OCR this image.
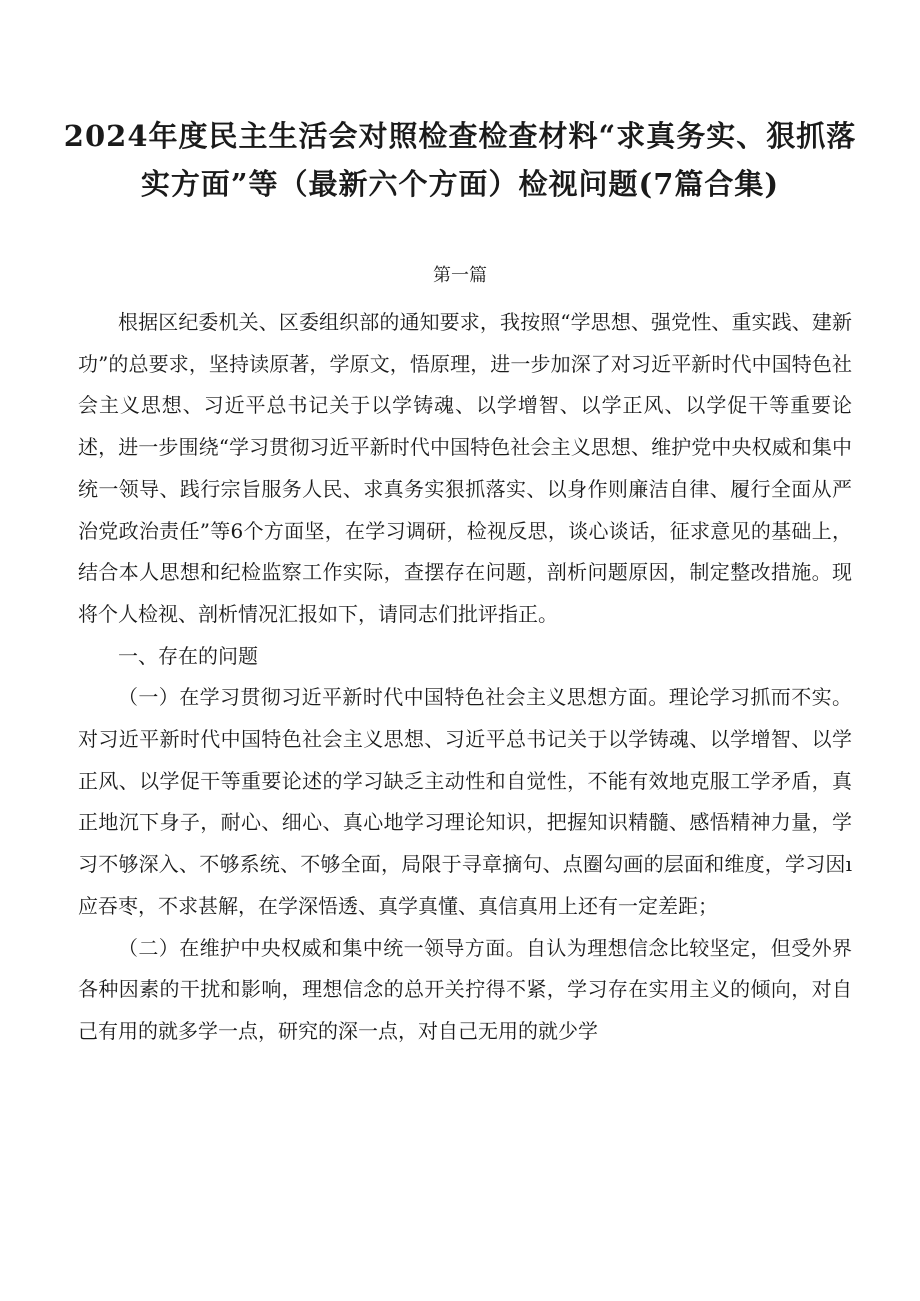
2024年度民主生活会对照检查检查材料“求真务实、狠抓落实方面”等（最新六个方面）检视问题(7篇合集)
第一篇

根据区纪委机关、区委组织部的通知要求，我按照“学思想、强党性、重实践、建新功”的总要求，坚持读原著，学原文，悟原理，进一步加深了对习近平新时代中国特色社会主义思想、习近平总书记关于以学铸魂、以学增智、以学正风、以学促干等重要论述，进一步围绕“学习贯彻习近平新时代中国特色社会主义思想、维护党中央权威和集中统一领导、践行宗旨服务人民、求真务实狠抓落实、以身作则廉洁自律、履行全面从严治党政治责任”等6个方面坚，在学习调研，检视反思，谈心谈话，征求意见的基础上，结合本人思想和纪检监察工作实际，查摆存在问题，剖析问题原因，制定整改措施。现将个人检视、剖析情况汇报如下，请同志们批评指正。

一、存在的问题

（一）在学习贯彻习近平新时代中国特色社会主义思想方面。理论学习抓而不实。对习近平新时代中国特色社会主义思想、习近平总书记关于以学铸魂、以学增智、以学正风、以学促干等重要论述的学习缺乏主动性和自觉性，不能有效地克服工学矛盾，真正地沉下身子，耐心、细心、真心地学习理论知识，把握知识精髓、感悟精神力量，学习不够深入、不够系统、不够全面，局限于寻章摘句、点圈勾画的层面和维度，学习因ı应吞枣，不求甚解，在学深悟透、真学真懂、真信真用上还有一定差距；

（二）在维护中央权威和集中统一领导方面。自认为理想信念比较坚定，但受外界各种因素的干扰和影响，理想信念的总开关拧得不紧，学习存在实用主义的倾向，对自己有用的就多学一点，研究的深一点，对自己无用的就少学
